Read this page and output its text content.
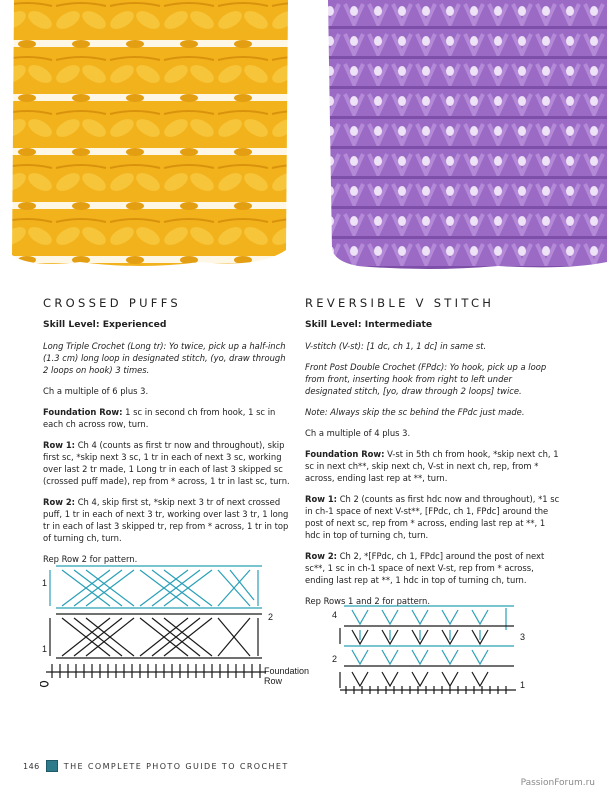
CROSSED PUFFS
Skill Level: Experienced

Long Triple Crochet (Long tr): Yo twice, pick up a half-inch (1.3 cm) long loop in designated stitch, (yo, draw through 2 loops on hook) 3 times.

Ch a multiple of 6 plus 3.

Foundation Row: 1 sc in second ch from hook, 1 sc in each ch across row, turn.

Row 1: Ch 4 (counts as first tr now and throughout), skip first sc, *skip next 3 sc, 1 tr in each of next 3 sc, working over last 2 tr made, 1 Long tr in each of last 3 skipped sc (crossed puff made), rep from * across, 1 tr in last sc, turn.

Row 2: Ch 4, skip first st, *skip next 3 tr of next crossed puff, 1 tr in each of next 3 tr, working over last 3 tr, 1 long tr in each of last 3 skipped tr, rep from * across, 1 tr in top of turning ch, turn.

Rep Row 2 for pattern.

REVERSIBLE V STITCH
Skill Level: Intermediate

V-stitch (V-st): [1 dc, ch 1, 1 dc] in same st.

Front Post Double Crochet (FPdc): Yo hook, pick up a loop from front, inserting hook from right to left under designated stitch, [yo, draw through 2 loops] twice.

Note: Always skip the sc behind the FPdc just made.

Ch a multiple of 4 plus 3.

Foundation Row: V-st in 5th ch from hook, *skip next ch, 1 sc in next ch**, skip next ch, V-st in next ch, rep, from * across, ending last rep at **, turn.

Row 1: Ch 2 (counts as first hdc now and throughout), *1 sc in ch-1 space of next V-st**, [FPdc, ch 1, FPdc] around the post of next sc, rep from * across, ending last rep at **, 1 hdc in top of turning ch, turn.

Row 2: Ch 2, *[FPdc, ch 1, FPdc] around the post of next sc**, 1 sc in ch-1 space of next V-st, rep from * across, ending last rep at **, 1 hdc in top of turning ch, turn.

Rep Rows 1 and 2 for pattern.

1
1
2
Foundation
Row
4
3
2
1
146	THE COMPLETE PHOTO GUIDE TO CROCHET
PassionForum.ru
